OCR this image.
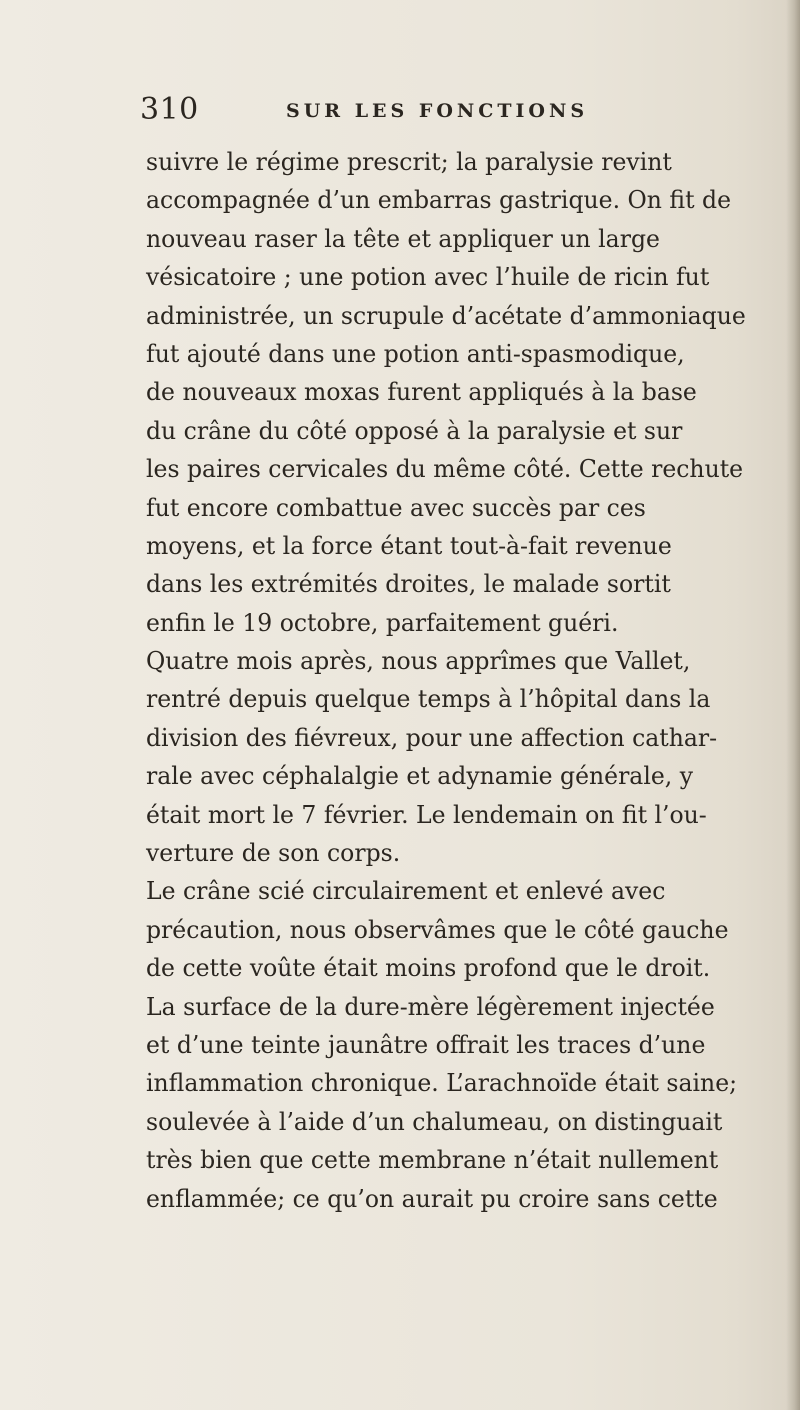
310	SUR LES FONCTIONS
suivre le régime prescrit; la paralysie revint
accompagnée d’un embarras gastrique. On fit de
nouveau raser la tête et appliquer un large
vésicatoire ; une potion avec l’huile de ricin fut
administrée, un scrupule d’acétate d’ammoniaque
fut ajouté dans une potion anti-spasmodique,
de nouveaux moxas furent appliqués à la base
du crâne du côté opposé à la paralysie et sur
les paires cervicales du même côté. Cette rechute
fut encore combattue avec succès par ces
moyens, et la force étant tout-à-fait revenue
dans les extrémités droites, le malade sortit
enfin le 19 octobre, parfaitement guéri.
Quatre mois après, nous apprîmes que Vallet,
rentré depuis quelque temps à l’hôpital dans la
division des fiévreux, pour une affection cathar-
rale avec céphalalgie et adynamie générale, y
était mort le 7 février. Le lendemain on fit l’ou-
verture de son corps.
Le crâne scié circulairement et enlevé avec
précaution, nous observâmes que le côté gauche
de cette voûte était moins profond que le droit.
La surface de la dure-mère légèrement injectée
et d’une teinte jaunâtre offrait les traces d’une
inflammation chronique. L’arachnoïde était saine;
soulevée à l’aide d’un chalumeau, on distinguait
très bien que cette membrane n’était nullement
enflammée; ce qu’on aurait pu croire sans cette
